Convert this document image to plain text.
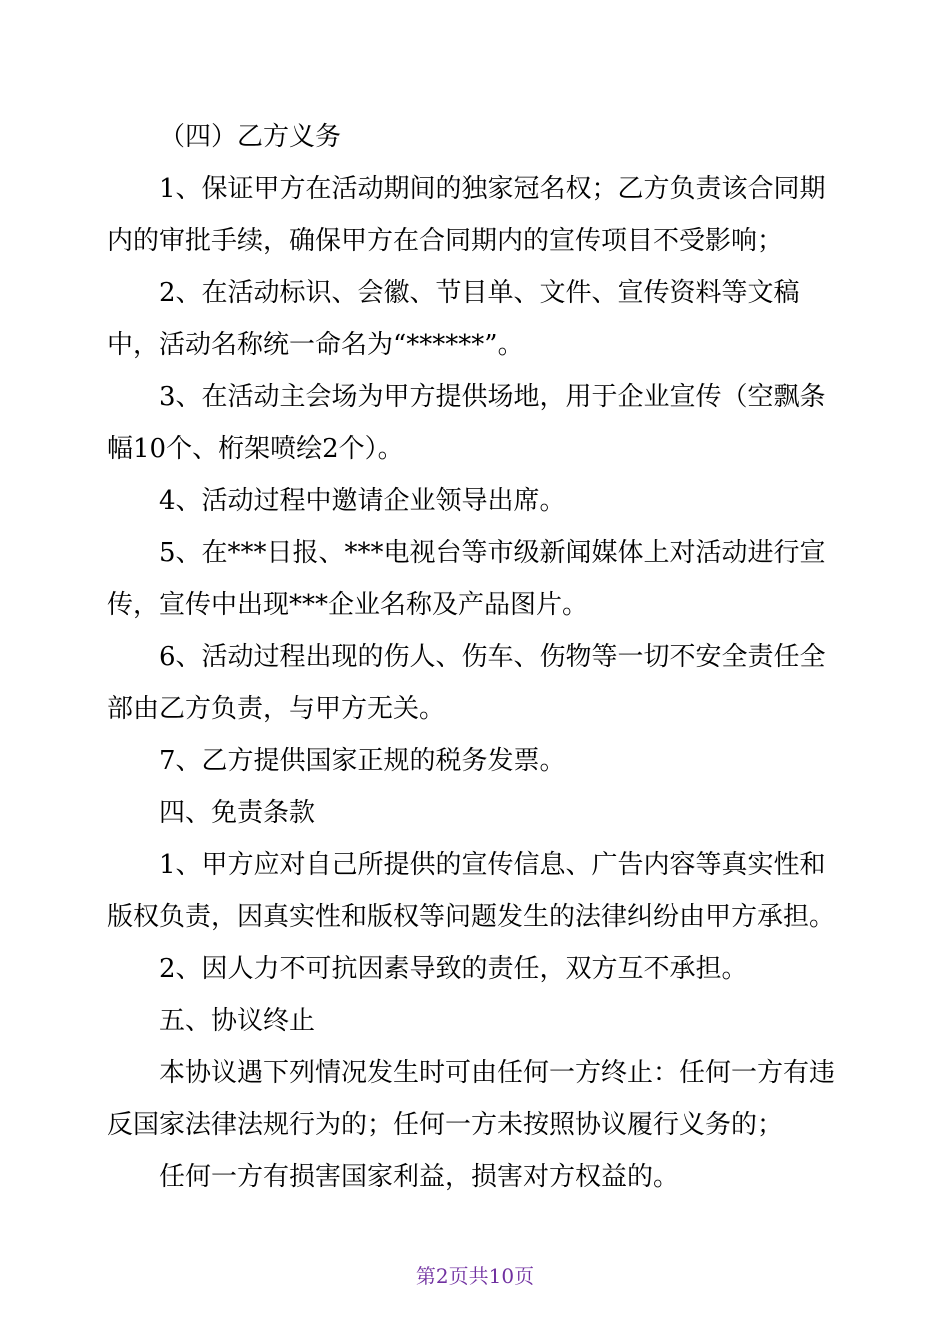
（四）乙方义务

1、保证甲方在活动期间的独家冠名权；乙方负责该合同期内的审批手续，确保甲方在合同期内的宣传项目不受影响；

2、在活动标识、会徽、节目单、文件、宣传资料等文稿中，活动名称统一命名为“******”。

3、在活动主会场为甲方提供场地，用于企业宣传（空飘条幅10个、桁架喷绘2个）。

4、活动过程中邀请企业领导出席。

5、在***日报、***电视台等市级新闻媒体上对活动进行宣传，宣传中出现***企业名称及产品图片。

6、活动过程出现的伤人、伤车、伤物等一切不安全责任全部由乙方负责，与甲方无关。

7、乙方提供国家正规的税务发票。

四、免责条款

1、甲方应对自己所提供的宣传信息、广告内容等真实性和版权负责，因真实性和版权等问题发生的法律纠纷由甲方承担。

2、因人力不可抗因素导致的责任，双方互不承担。

五、协议终止

本协议遇下列情况发生时可由任何一方终止：任何一方有违反国家法律法规行为的；任何一方未按照协议履行义务的；

任何一方有损害国家利益，损害对方权益的。

第2页共10页
